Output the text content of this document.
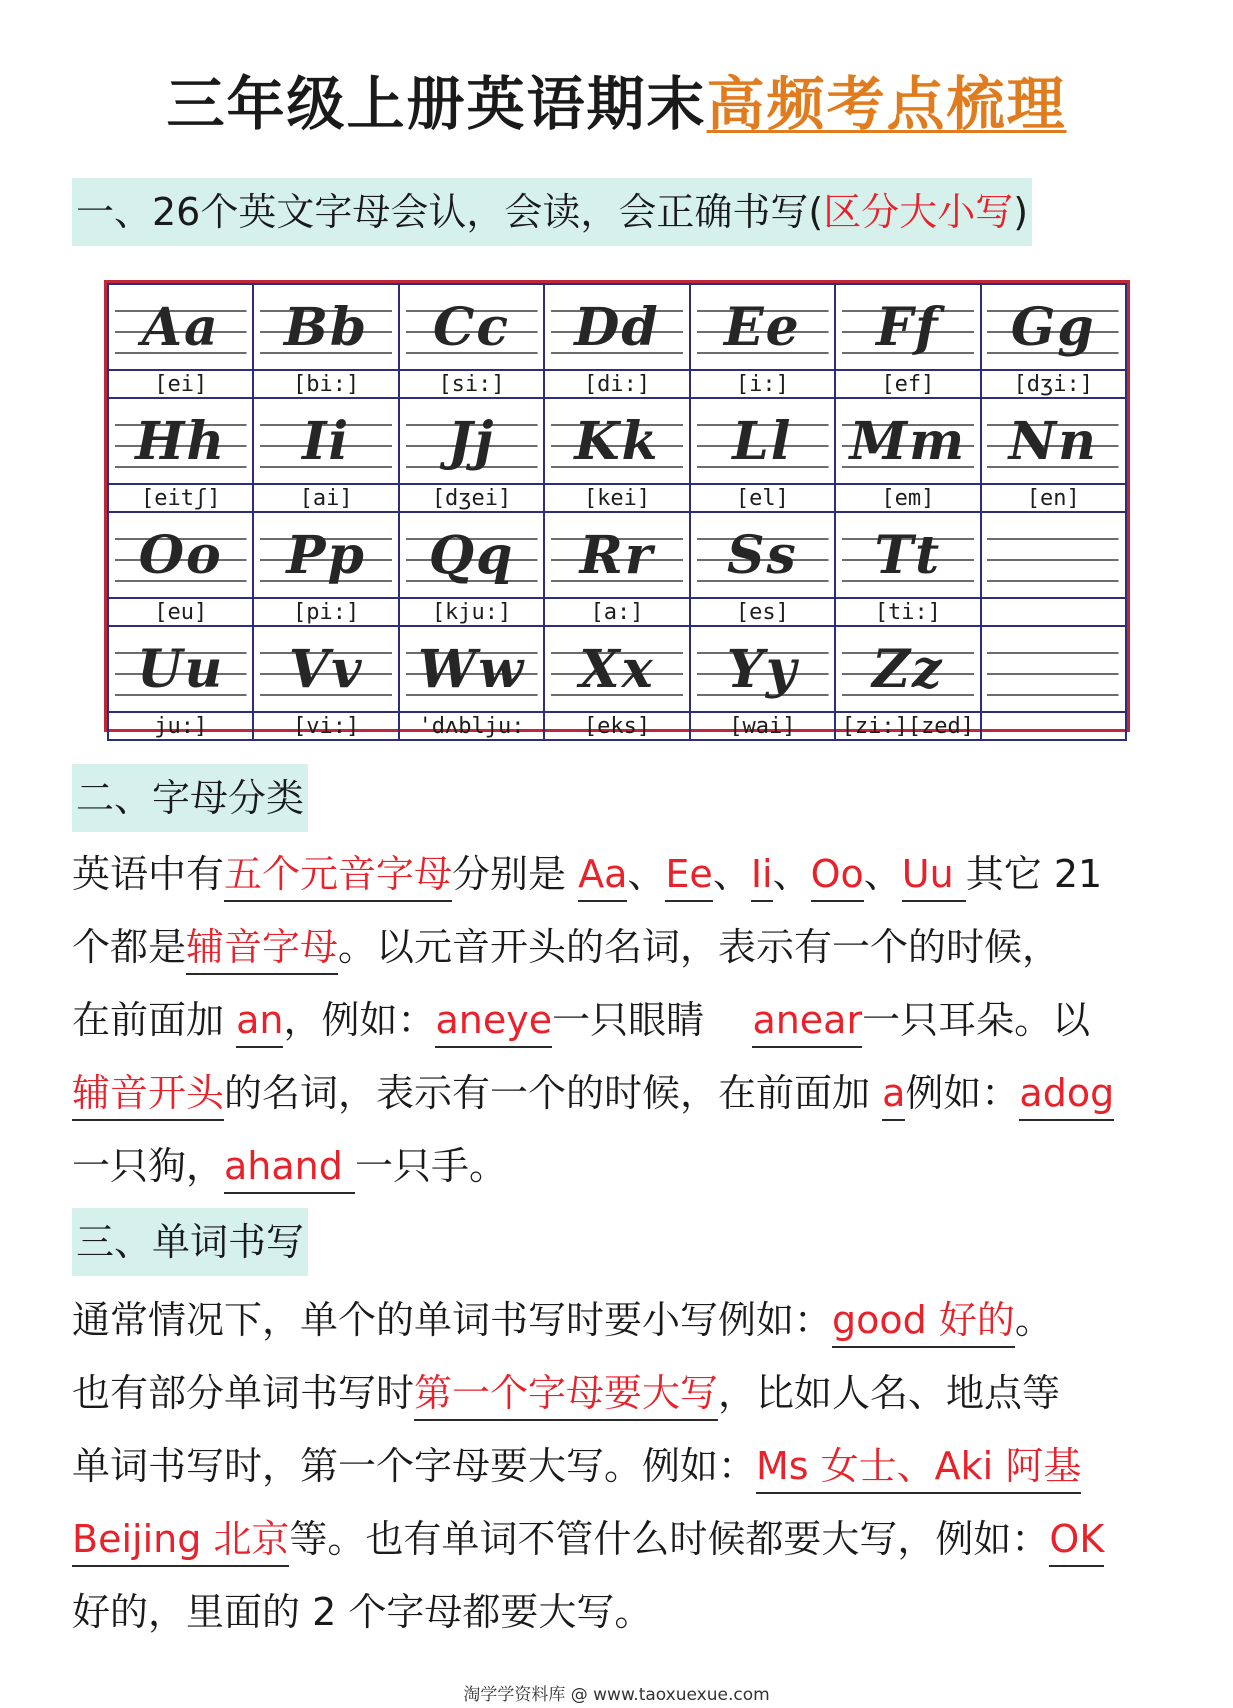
三年级上册英语期末高频考点梳理
一、26个英文字母会认，会读，会正确书写(区分大小写)
Aa	Bb	Cc	Dd	Ee	Ff	Gg
[ei]	[bi:]	[si:]	[di:]	[i:]	[ef]	[dʒi:]
Hh	Ii	Jj	Kk	Ll	Mm	Nn
[eitʃ]	[ai]	[dʒei]	[kei]	[el]	[em]	[en]
Oo	Pp	Qq	Rr	Ss	Tt	
[eu]	[pi:]	[kju:]	[a:]	[es]	[ti:]	
Uu	Vv	Ww	Xx	Yy	Zz	
ju:]	[vi:]	'dʌblju:	[eks]	[wai]	[zi:][zed]	
二、字母分类
英语中有五个元音字母分别是 Aa、Ee、Ii、Oo、Uu 其它 21
个都是辅音字母。以元音开头的名词，表示有一个的时候，
在前面加 an，例如：aneye一只眼睛    anear一只耳朵。以
辅音开头的名词，表示有一个的时候，在前面加 a例如：adog
一只狗，ahand 一只手。
三、单词书写
通常情况下，单个的单词书写时要小写例如：good 好的。
也有部分单词书写时第一个字母要大写，比如人名、地点等
单词书写时，第一个字母要大写。例如：Ms 女士、Aki 阿基
Beijing 北京等。也有单词不管什么时候都要大写，例如：OK
好的，里面的 2 个字母都要大写。
淘学学资料库 @ www.taoxuexue.com
